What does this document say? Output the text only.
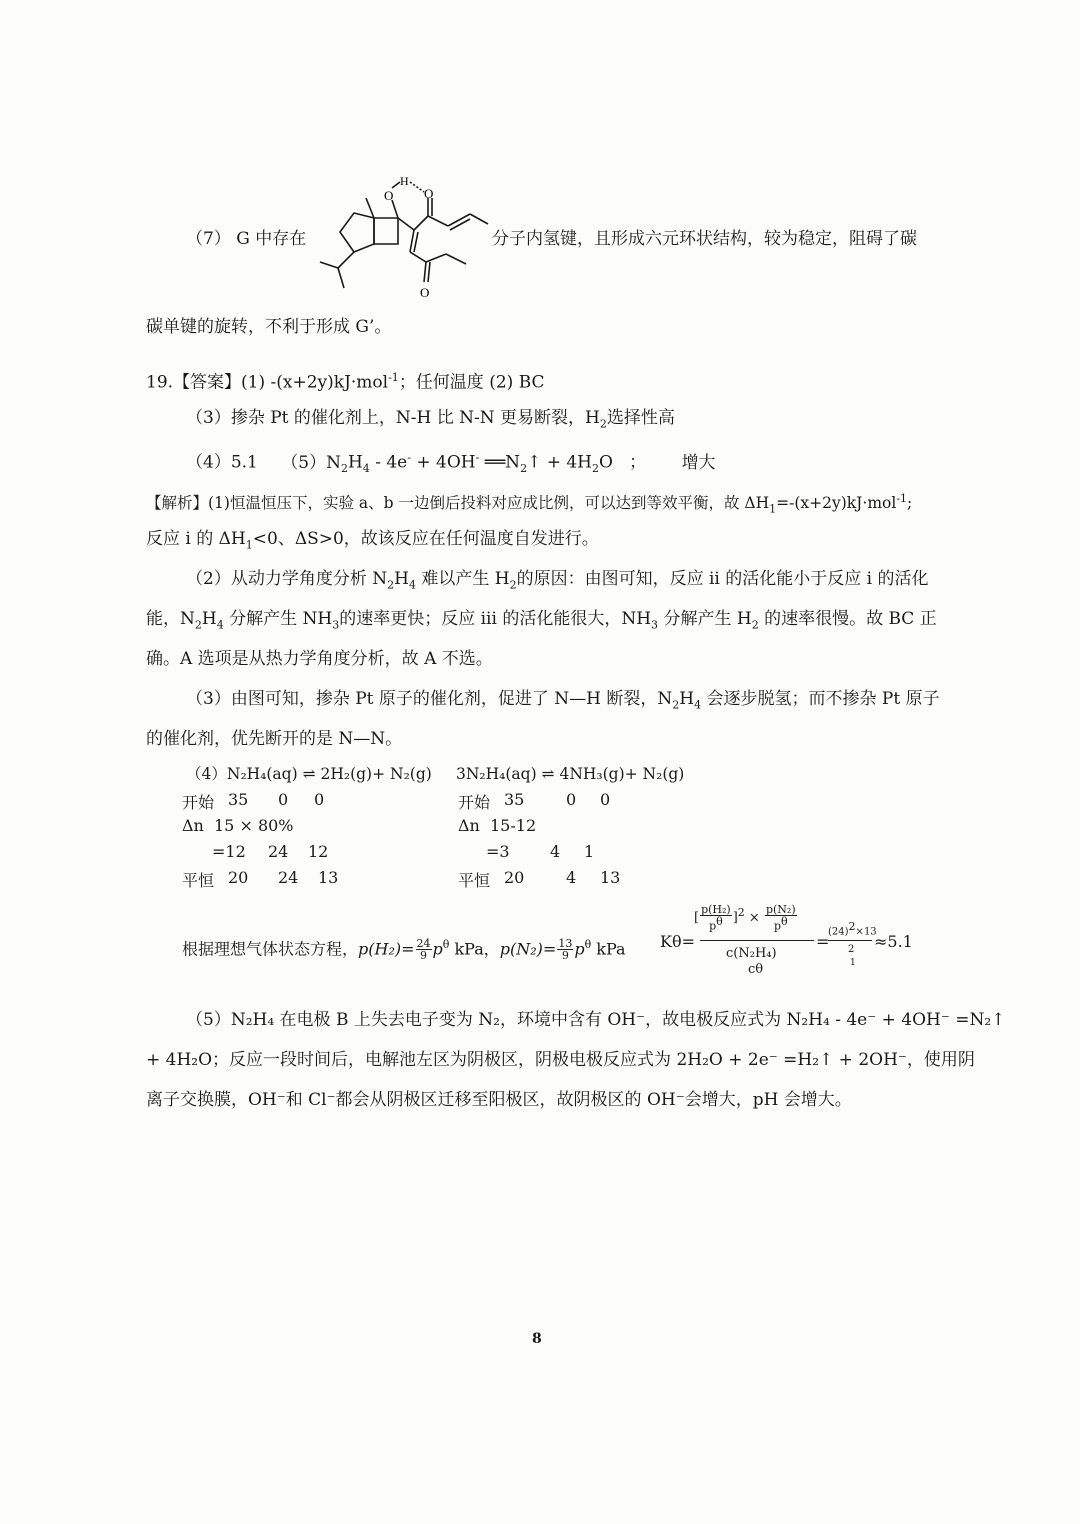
（7） G 中存在
O
H
O
O
分子内氢键，且形成六元环状结构，较为稳定，阻碍了碳
碳单键的旋转，不利于形成 G’。
19.【答案】(1) -(x+2y)kJ·mol$^{-1}$；任何温度 (2) BC
（3）掺杂 Pt 的催化剂上，N-H 比 N-N 更易断裂，$H_2$选择性高
（4）5.1 $(5)N_2H_4 - 4e^- + 4OH^-$ $══N_2↑ + 4H_2O$   ； 增大
【解析】(1)恒温恒压下，实验 a、b 一边倒后投料对应成比例，可以达到等效平衡，故 $\Delta H_1=-(x+2y)kJ\cdot mol^{-1}$;
反应 i 的 $\Delta H_1<0$、ΔS>0，故该反应在任何温度自发进行。
（2）从动力学角度分析 $N_2H_4$ 难以产生 $H_2$的原因：由图可知，反应 ii 的活化能小于反应 i 的活化
能，$N_2H_4$ 分解产生 $NH_3$的速率更快；反应 iii 的活化能很大，$NH_3$ 分解产生 $H_2$ 的速率很慢。故 BC 正
确。A 选项是从热力学角度分析，故 A 不选。
（3）由图可知，掺杂 Pt 原子的催化剂，促进了 N—H 断裂，$N_2H_4$ 会逐步脱氢；而不掺杂 Pt 原子
的催化剂，优先断开的是 N—N。
（4）N₂H₄(aq) ⇌ 2H₂(g)+ N₂(g) 3N₂H₄(aq) ⇌ 4NH₃(g)+ N₂(g)
开始 35 0 0
Δn 15 × 80%
=12 24 12
平恒 20 24 13
开始 35	0 0
Δn 15-12
=3	4 1
平恒 20	4 13
根据理想气体状态方程，$p(H_2)= \frac{24}{9} p^\theta$ kPa，$p(N_2)= \frac{13}{9} p^\theta$ kPa Kθ=
[ $\frac{\text{p(H₂)}}{p^\theta} ]^2 \times \frac{\text{p(N₂)}}{p^\theta}$
c(N₂H₄)
cθ
=
$(24)^2\times 13$
2
1
≈5.1
（5）N₂H₄ 在电极 B 上失去电子变为 N₂，环境中含有 OH⁻，故电极反应式为 N₂H₄ - 4e⁻ + 4OH⁻ =N₂↑
+ 4H₂O；反应一段时间后，电解池左区为阴极区，阴极电极反应式为 2H₂O + 2e⁻ =H₂↑ + 2OH⁻，使用阴
离子交换膜，OH⁻和 Cl⁻都会从阴极区迁移至阳极区，故阴极区的 OH⁻会增大，pH 会增大。
8
